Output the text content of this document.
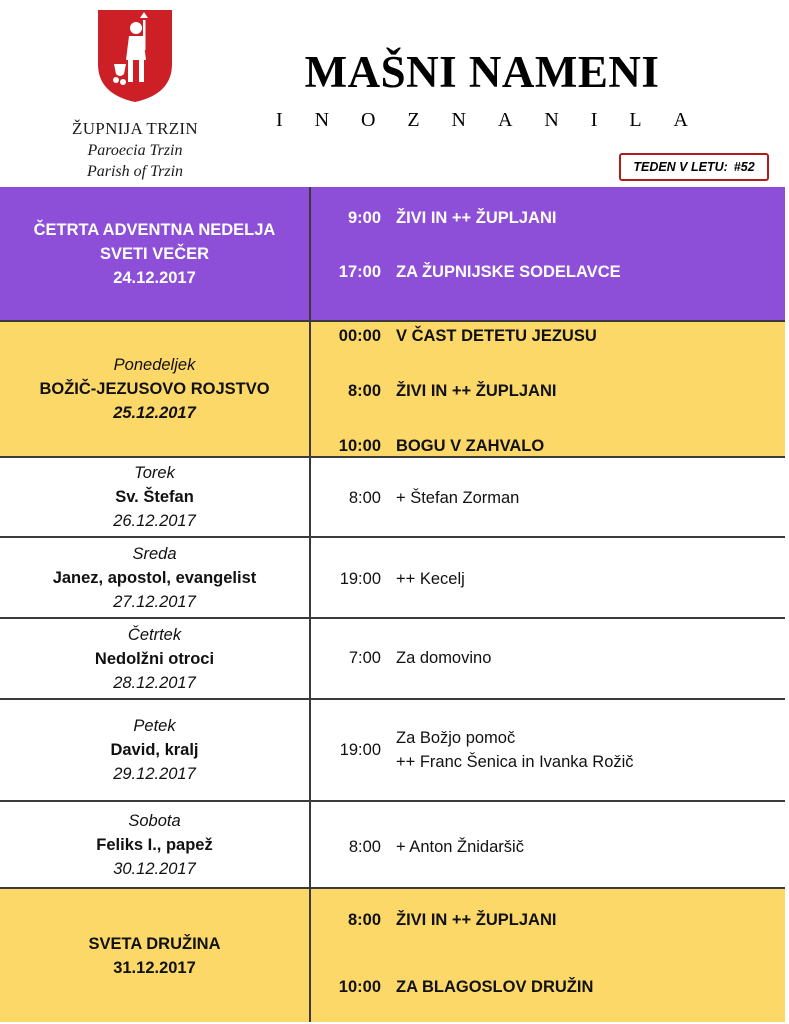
ŽUPNIJA TRZIN
Paroecia Trzin
Parish of Trzin
MAŠNI NAMENI
I N O Z N A N I L A
TEDEN V LETU: #52
ČETRTA ADVENTNA NEDELJA
SVETI VEČER
24.12.2017
9:00 ŽIVI IN ++ ŽUPLJANI
17:00 ZA ŽUPNIJSKE SODELAVCE
Ponedeljek
BOŽIČ-JEZUSOVO ROJSTVO
25.12.2017
00:00 V ČAST DETETU JEZUSU
8:00 ŽIVI IN ++ ŽUPLJANI
10:00 BOGU V ZAHVALO
Torek
Sv. Štefan
26.12.2017
8:00 + Štefan Zorman
Sreda
Janez, apostol, evangelist
27.12.2017
19:00 ++ Kecelj
Četrtek
Nedolžni otroci
28.12.2017
7:00 Za domovino
Petek
David, kralj
29.12.2017
19:00
Za Božjo pomoč
++ Franc Šenica in Ivanka Rožič
Sobota
Feliks I., papež
30.12.2017
8:00 + Anton Žnidaršič
SVETA DRUŽINA
31.12.2017
8:00 ŽIVI IN ++ ŽUPLJANI
10:00 ZA BLAGOSLOV DRUŽIN
